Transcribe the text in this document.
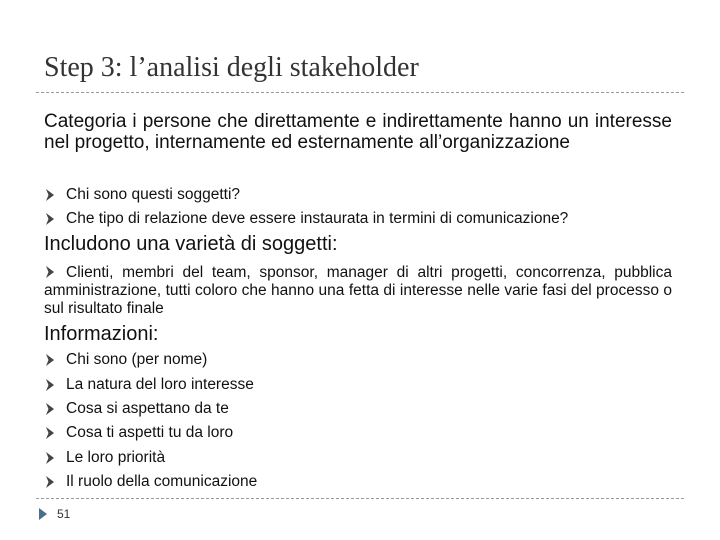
Step 3: l’analisi degli stakeholder
Categoria i persone che direttamente e indirettamente hanno un interesse nel progetto, internamente ed esternamente all’organizzazione
Chi sono questi soggetti?
Che tipo di relazione deve essere instaurata in termini di comunicazione?
Includono una varietà di soggetti:
Clienti, membri del team, sponsor, manager di altri progetti, concorrenza, pubblica amministrazione, tutti coloro che hanno una fetta di interesse nelle varie fasi del processo o sul risultato finale
Informazioni:
Chi sono (per nome)
La natura del loro interesse
Cosa si aspettano da te
Cosa ti aspetti tu da loro
Le loro priorità
Il ruolo della comunicazione
51
